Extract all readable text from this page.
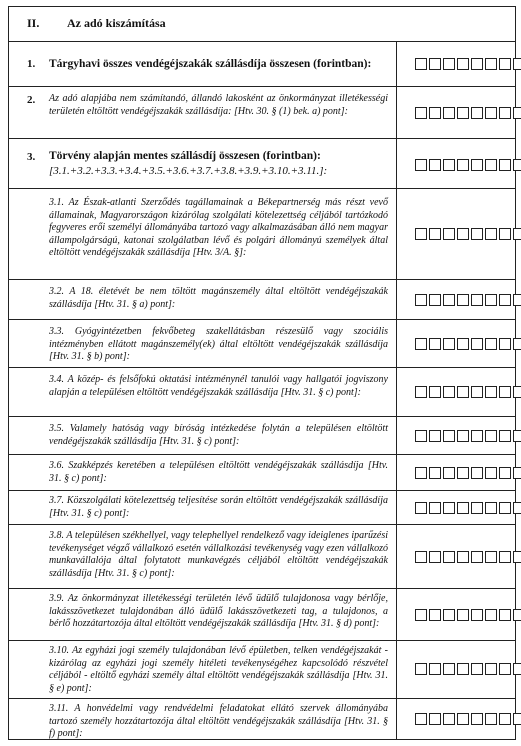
II. Az adó kiszámítása
1. Tárgyhavi összes vendégéjszakák szállásdíja összesen (forintban):
2. Az adó alapjába nem számítandó, állandó lakosként az önkormányzat illetékességi területén eltöltött vendégéjszakák szállásdíja: [Htv. 30. § (1) bek. a) pont]:
3. Törvény alapján mentes szállásdíj összesen (forintban):
[3.1.+3.2.+3.3.+3.4.+3.5.+3.6.+3.7.+3.8.+3.9.+3.10.+3.11.]:
3.1. Az Észak-atlanti Szerződés tagállamainak a Békepartnerség más részt vevő államainak, Magyarországon kizárólag szolgálati kötelezettség céljából tartózkodó fegyveres erői személyi állományába tartozó vagy alkalmazásában álló nem magyar állampolgárságú, katonai szolgálatban lévő és polgári állományú személyek által eltöltött vendégéjszakák szállásdíja [Htv. 3/A. §]:
3.2. A 18. életévét be nem töltött magánszemély által eltöltött vendégéjszakák szállásdíja [Htv. 31. § a) pont]:
3.3. Gyógyintézetben fekvőbeteg szakellátásban részesülő vagy szociális intézményben ellátott magánszemély(ek) által eltöltött vendégéjszakák szállásdíja [Htv. 31. § b) pont]:
3.4. A közép- és felsőfokú oktatási intézménynél tanulói vagy hallgatói jogviszony alapján a településen eltöltött vendégéjszakák szállásdíja [Htv. 31. § c) pont]:
3.5. Valamely hatóság vagy bíróság intézkedése folytán a településen eltöltött vendégéjszakák szállásdíja [Htv. 31. § c) pont]:
3.6. Szakképzés keretében a településen eltöltött vendégéjszakák szállásdíja [Htv. 31. § c) pont]:
3.7. Közszolgálati kötelezettség teljesítése során eltöltött vendégéjszakák szállásdíja [Htv. 31. § c) pont]:
3.8. A településen székhellyel, vagy telephellyel rendelkező vagy ideiglenes iparűzési tevékenységet végző vállalkozó esetén vállalkozási tevékenység vagy ezen vállalkozó munkavállalója által folytatott munkavégzés céljából eltöltött vendégéjszakák szállásdíja [Htv. 31. § c) pont]:
3.9. Az önkormányzat illetékességi területén lévő üdülő tulajdonosa vagy bérlője, lakásszövetkezet tulajdonában álló üdülő lakásszövetkezeti tag, a tulajdonos, a bérlő hozzátartozója által eltöltött vendégéjszakák szállásdíja [Htv. 31. § d) pont]:
3.10. Az egyházi jogi személy tulajdonában lévő épületben, telken vendégéjszakát - kizárólag az egyházi jogi személy hitéleti tevékenységéhez kapcsolódó részvétel céljából - eltöltő egyházi személy által eltöltött vendégéjszakák szállásdíja [Htv. 31. § e) pont]:
3.11. A honvédelmi vagy rendvédelmi feladatokat ellátó szervek állományába tartozó személy hozzátartozója által eltöltött vendégéjszakák szállásdíja [Htv. 31. § f) pont]:
